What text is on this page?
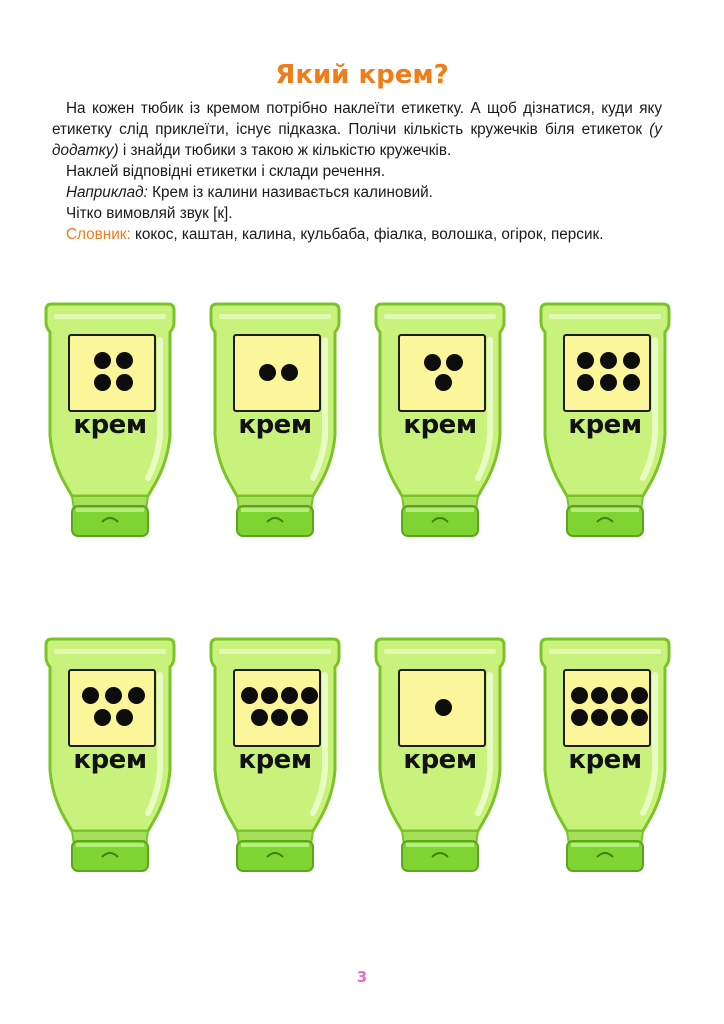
Який крем?

На кожен тюбик із кремом потрібно наклеїти етикетку. А щоб дізнатися, куди яку етикетку слід приклеїти, існує підказка. Полічи кількість кружечків біля етикеток (у додатку) і знайди тюбики з такою ж кількістю кружечків.

Наклей відповідні етикетки і склади речення.

Наприклад: Крем із калини називається калиновий.

Чітко вимовляй звук [к].

Словник: кокос, каштан, калина, кульбаба, фіалка, волошка, огірок, персик.

крем	крем	крем	крем
крем	крем	крем	крем
3
